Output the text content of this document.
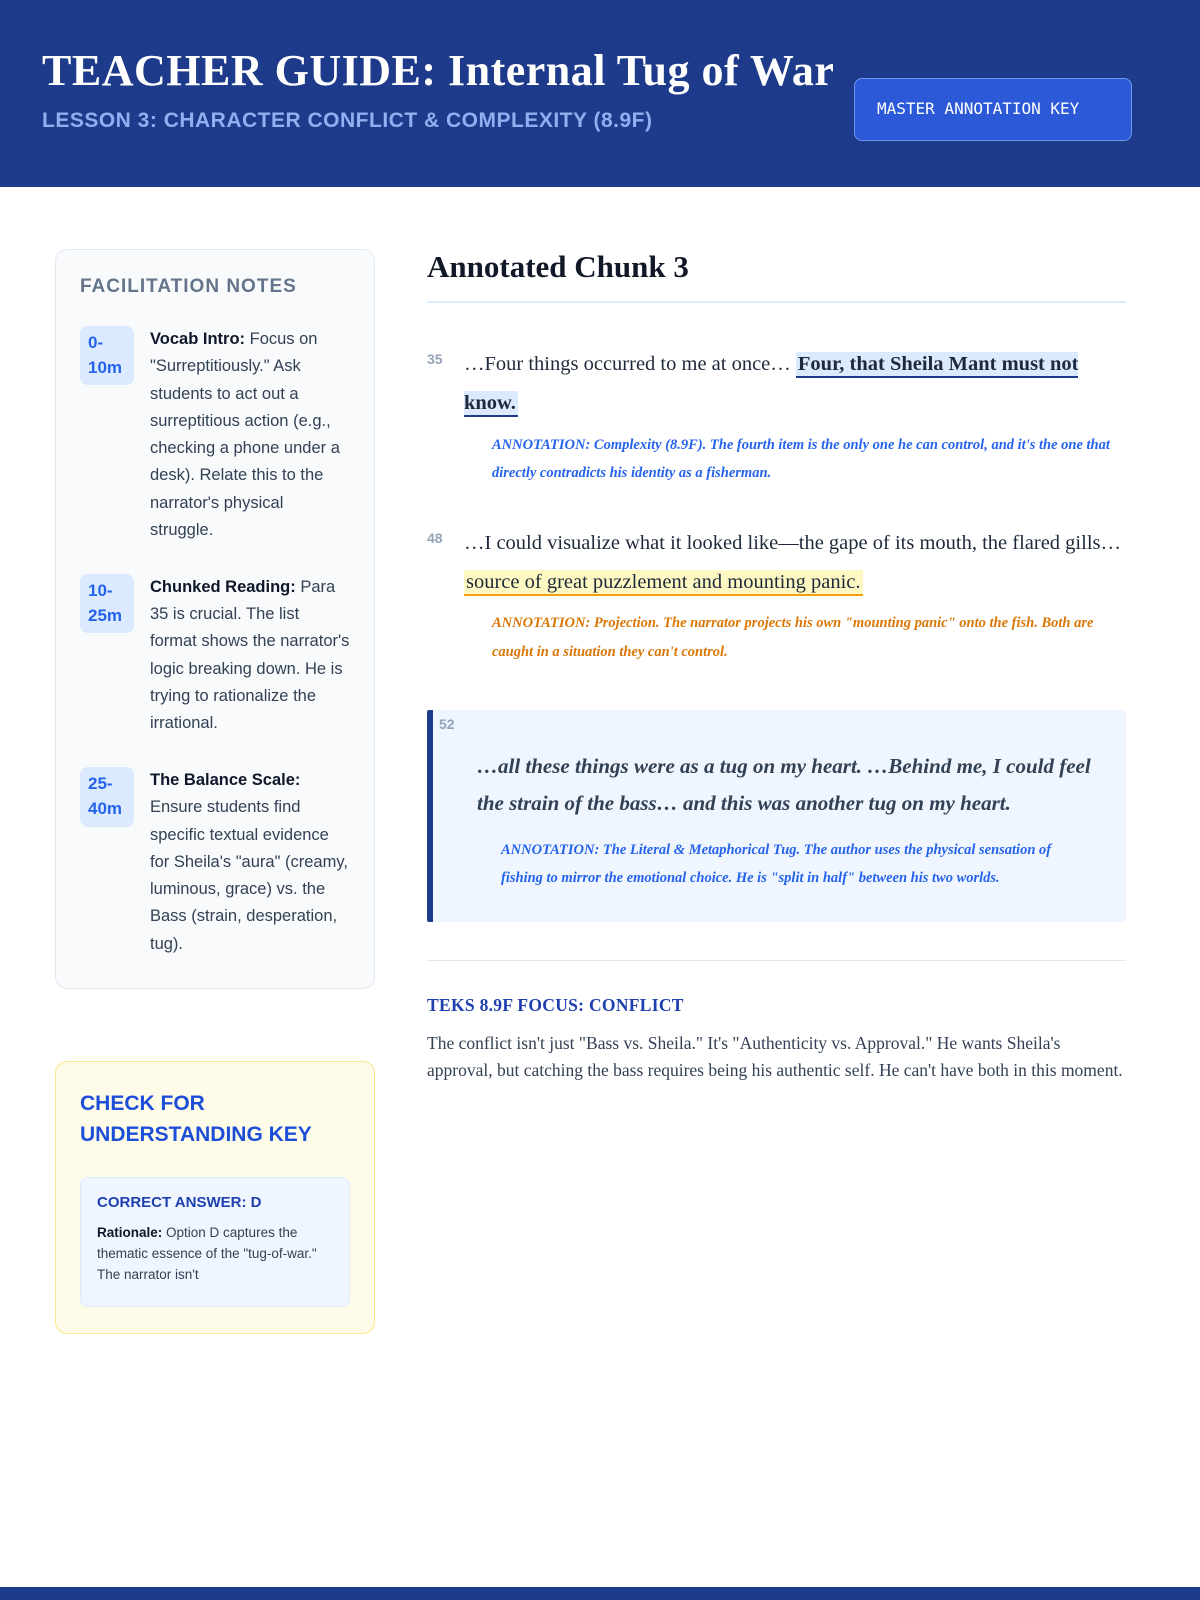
TEACHER GUIDE: Internal Tug of War
LESSON 3: CHARACTER CONFLICT & COMPLEXITY (8.9F)
MASTER ANNOTATION KEY
FACILITATION NOTES
0-10m
Vocab Intro: Focus on "Surreptitiously." Ask students to act out a surreptitious action (e.g., checking a phone under a desk). Relate this to the narrator's physical struggle.
10-25m
Chunked Reading: Para 35 is crucial. The list format shows the narrator's logic breaking down. He is trying to rationalize the irrational.
25-40m
The Balance Scale: Ensure students find specific textual evidence for Sheila's "aura" (creamy, luminous, grace) vs. the Bass (strain, desperation, tug).
CHECK FOR UNDERSTANDING KEY
CORRECT ANSWER: D
Rationale: Option D captures the thematic essence of the "tug-of-war." The narrator isn't
Annotated Chunk 3
35	…Four things occurred to me at once… Four, that Sheila Mant must not know.
ANNOTATION: Complexity (8.9F). The fourth item is the only one he can control, and it's the one that directly contradicts his identity as a fisherman.
48	…I could visualize what it looked like—the gape of its mouth, the flared gills… source of great puzzlement and mounting panic.
ANNOTATION: Projection. The narrator projects his own "mounting panic" onto the fish. Both are caught in a situation they can't control.
52
…all these things were as a tug on my heart. …Behind me, I could feel the strain of the bass… and this was another tug on my heart.
ANNOTATION: The Literal & Metaphorical Tug. The author uses the physical sensation of fishing to mirror the emotional choice. He is "split in half" between his two worlds.
TEKS 8.9F FOCUS: CONFLICT
The conflict isn't just "Bass vs. Sheila." It's "Authenticity vs. Approval." He wants Sheila's approval, but catching the bass requires being his authentic self. He can't have both in this moment.
